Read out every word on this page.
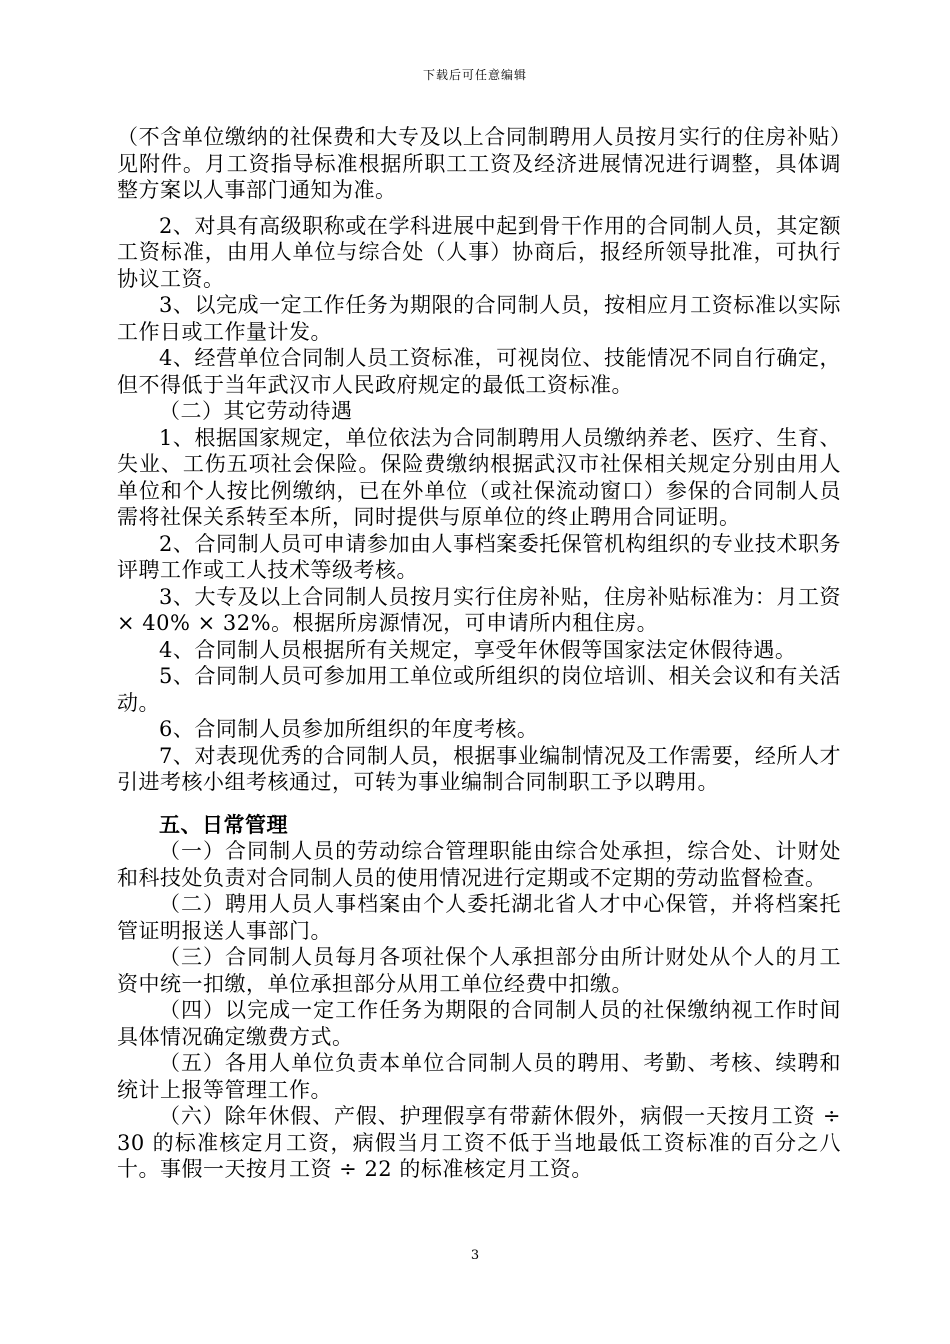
下载后可任意编辑

（不含单位缴纳的社保费和大专及以上合同制聘用人员按月实行的住房补贴）见附件。月工资指导标准根据所职工工资及经济进展情况进行调整，具体调整方案以人事部门通知为准。

2、对具有高级职称或在学科进展中起到骨干作用的合同制人员，其定额工资标准，由用人单位与综合处（人事）协商后，报经所领导批准，可执行协议工资。

3、以完成一定工作任务为期限的合同制人员，按相应月工资标准以实际工作日或工作量计发。

4、经营单位合同制人员工资标准，可视岗位、技能情况不同自行确定，但不得低于当年武汉市人民政府规定的最低工资标准。

（二）其它劳动待遇

1、根据国家规定，单位依法为合同制聘用人员缴纳养老、医疗、生育、失业、工伤五项社会保险。保险费缴纳根据武汉市社保相关规定分别由用人单位和个人按比例缴纳，已在外单位（或社保流动窗口）参保的合同制人员需将社保关系转至本所，同时提供与原单位的终止聘用合同证明。

2、合同制人员可申请参加由人事档案委托保管机构组织的专业技术职务评聘工作或工人技术等级考核。

3、大专及以上合同制人员按月实行住房补贴，住房补贴标准为：月工资 × 40% × 32%。根据所房源情况，可申请所内租住房。

4、合同制人员根据所有关规定，享受年休假等国家法定休假待遇。

5、合同制人员可参加用工单位或所组织的岗位培训、相关会议和有关活动。

6、合同制人员参加所组织的年度考核。

7、对表现优秀的合同制人员，根据事业编制情况及工作需要，经所人才引进考核小组考核通过，可转为事业编制合同制职工予以聘用。

五、日常管理

（一）合同制人员的劳动综合管理职能由综合处承担，综合处、计财处和科技处负责对合同制人员的使用情况进行定期或不定期的劳动监督检查。

（二）聘用人员人事档案由个人委托湖北省人才中心保管，并将档案托管证明报送人事部门。

（三）合同制人员每月各项社保个人承担部分由所计财处从个人的月工资中统一扣缴，单位承担部分从用工单位经费中扣缴。

（四）以完成一定工作任务为期限的合同制人员的社保缴纳视工作时间具体情况确定缴费方式。

（五）各用人单位负责本单位合同制人员的聘用、考勤、考核、续聘和统计上报等管理工作。

（六）除年休假、产假、护理假享有带薪休假外，病假一天按月工资 ÷ 30 的标准核定月工资，病假当月工资不低于当地最低工资标准的百分之八十。事假一天按月工资 ÷ 22 的标准核定月工资。

3
